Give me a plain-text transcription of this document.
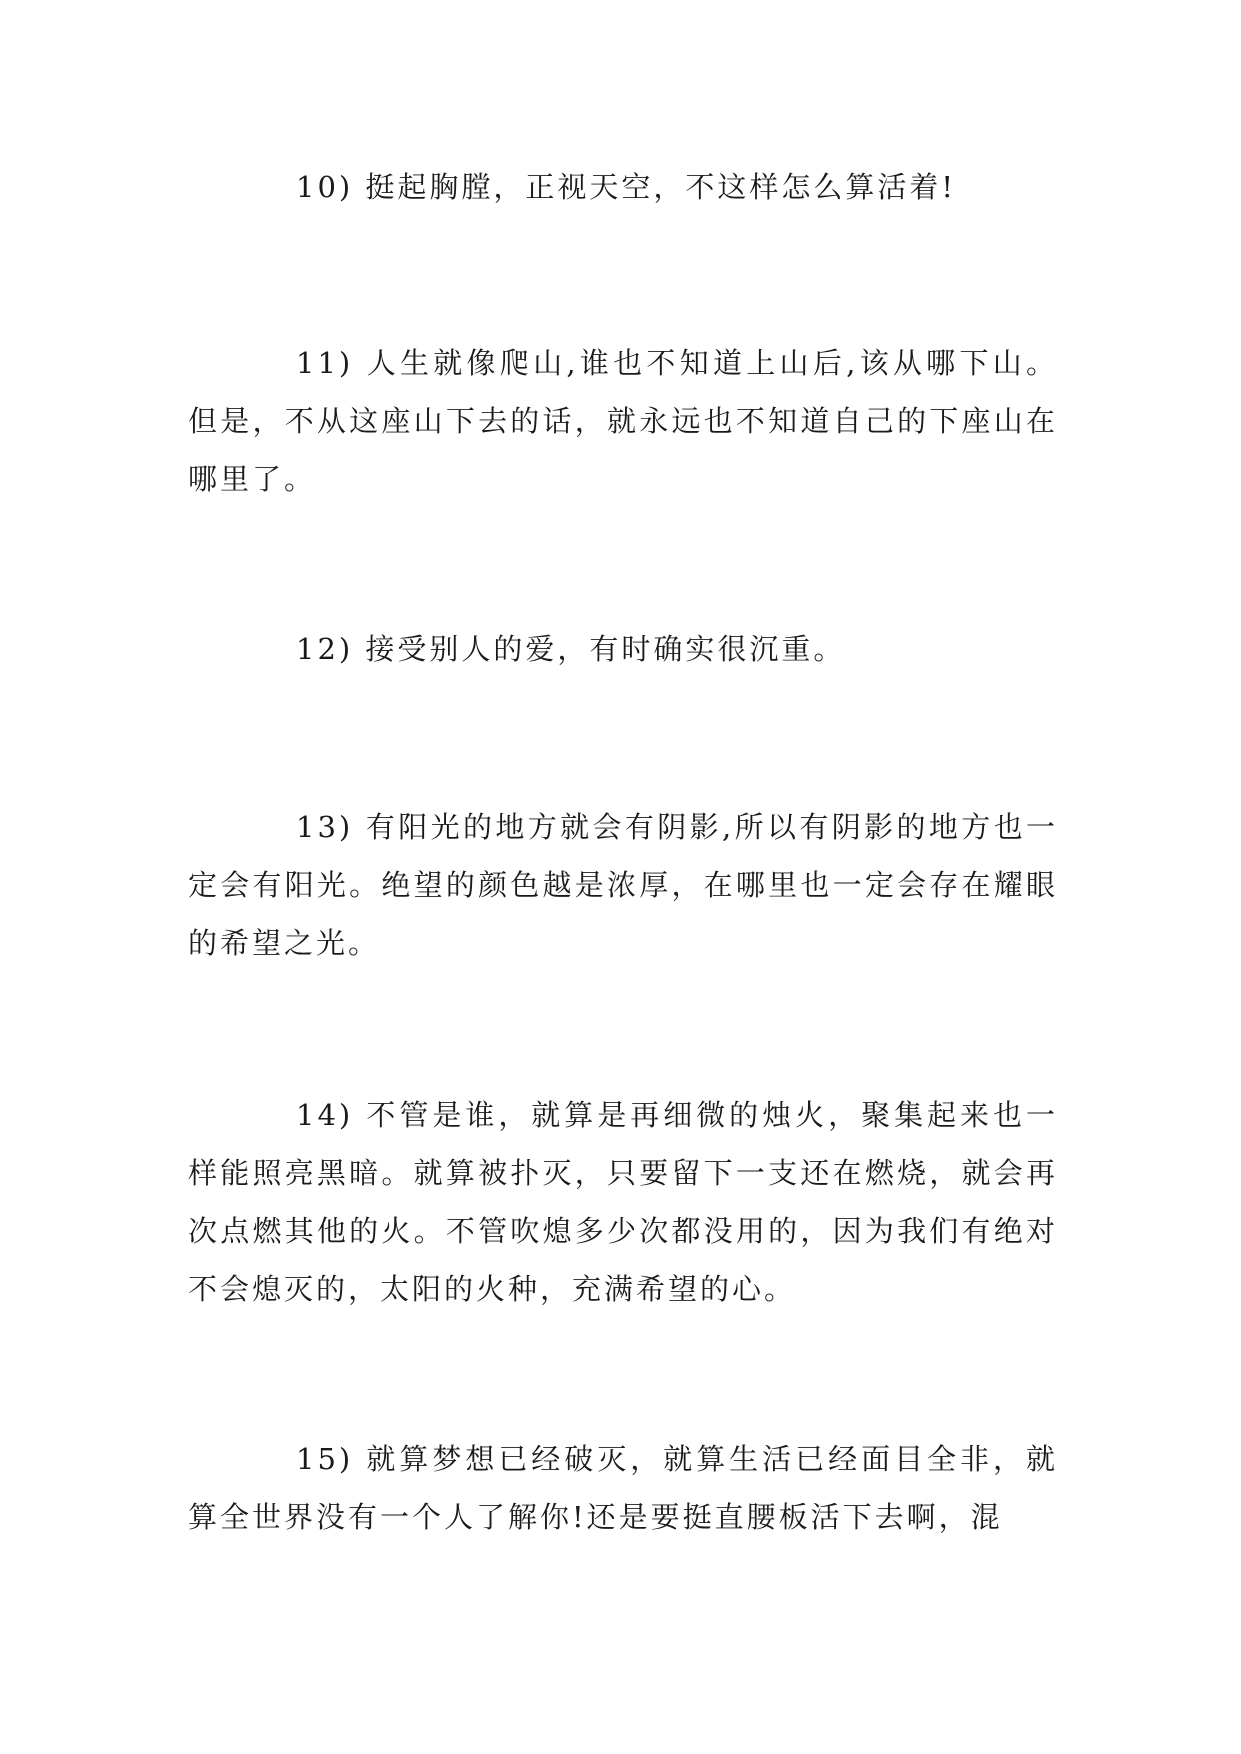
10) 挺起胸膛，正视天空，不这样怎么算活着!

11) 人生就像爬山,谁也不知道上山后,该从哪下山。但是，不从这座山下去的话，就永远也不知道自己的下座山在哪里了。

12) 接受别人的爱，有时确实很沉重。

13) 有阳光的地方就会有阴影,所以有阴影的地方也一定会有阳光。绝望的颜色越是浓厚，在哪里也一定会存在耀眼的希望之光。

14) 不管是谁，就算是再细微的烛火，聚集起来也一样能照亮黑暗。就算被扑灭，只要留下一支还在燃烧，就会再次点燃其他的火。不管吹熄多少次都没用的，因为我们有绝对不会熄灭的，太阳的火种，充满希望的心。

15) 就算梦想已经破灭，就算生活已经面目全非，就算全世界没有一个人了解你!还是要挺直腰板活下去啊，混
